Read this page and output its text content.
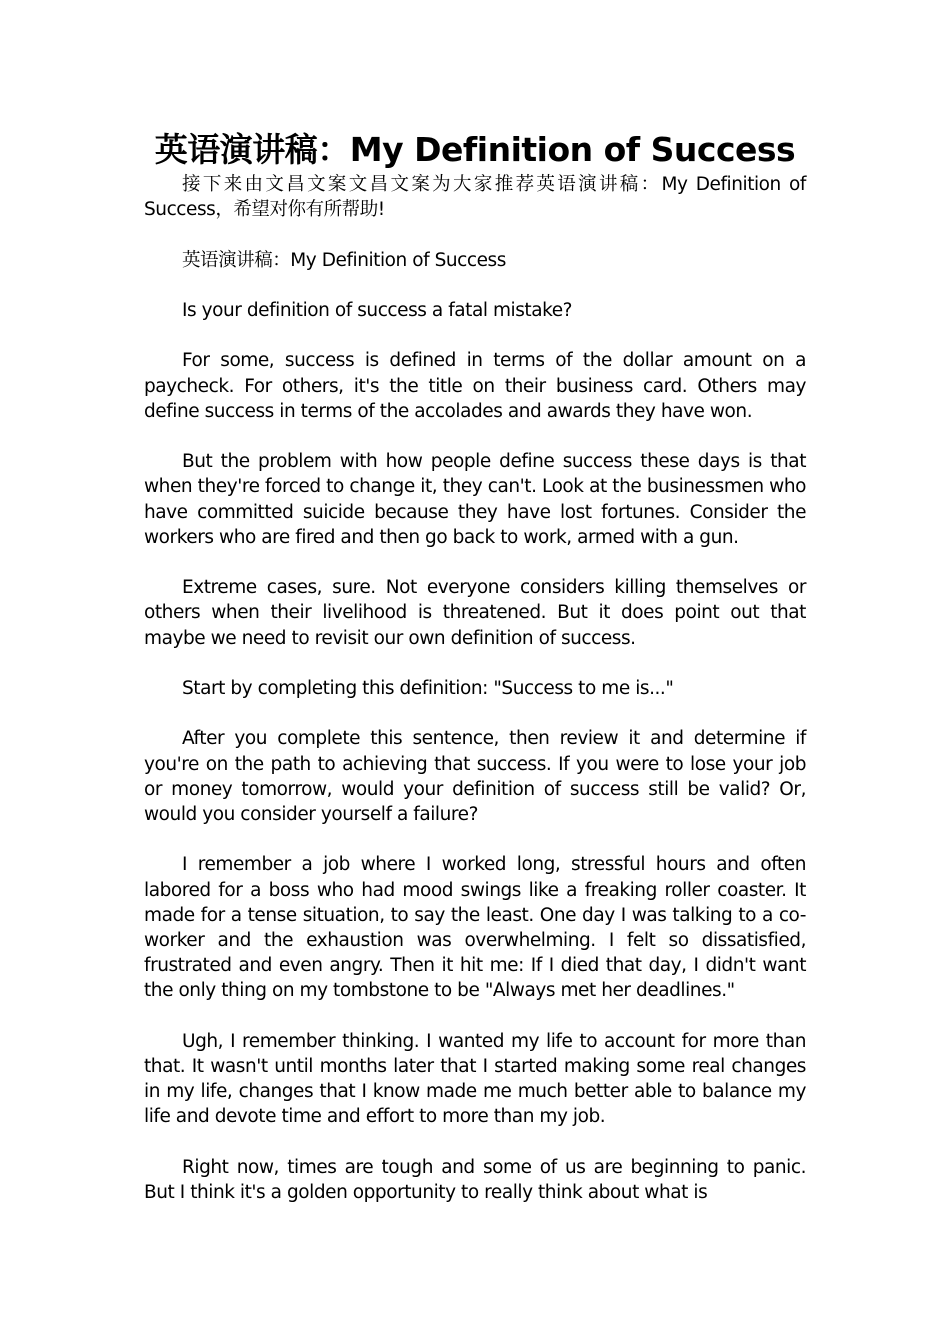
英语演讲稿：My Definition of Success

接下来由文昌文案文昌文案为大家推荐英语演讲稿：My Definition of Success，希望对你有所帮助!

英语演讲稿：My Definition of Success

Is your definition of success a fatal mistake?

For some, success is defined in terms of the dollar amount on a paycheck. For others, it's the title on their business card. Others may define success in terms of the accolades and awards they have won.

But the problem with how people define success these days is that when they're forced to change it, they can't. Look at the businessmen who have committed suicide because they have lost fortunes. Consider the workers who are fired and then go back to work, armed with a gun.

Extreme cases, sure. Not everyone considers killing themselves or others when their livelihood is threatened. But it does point out that maybe we need to revisit our own definition of success.

Start by completing this definition: "Success to me is..."

After you complete this sentence, then review it and determine if you're on the path to achieving that success. If you were to lose your job or money tomorrow, would your definition of success still be valid? Or, would you consider yourself a failure?

I remember a job where I worked long, stressful hours and often labored for a boss who had mood swings like a freaking roller coaster. It made for a tense situation, to say the least. One day I was talking to a co-worker and the exhaustion was overwhelming. I felt so dissatisfied, frustrated and even angry. Then it hit me: If I died that day, I didn't want the only thing on my tombstone to be "Always met her deadlines."

Ugh, I remember thinking. I wanted my life to account for more than that. It wasn't until months later that I started making some real changes in my life, changes that I know made me much better able to balance my life and devote time and effort to more than my job.

Right now, times are tough and some of us are beginning to panic. But I think it's a golden opportunity to really think about what is
